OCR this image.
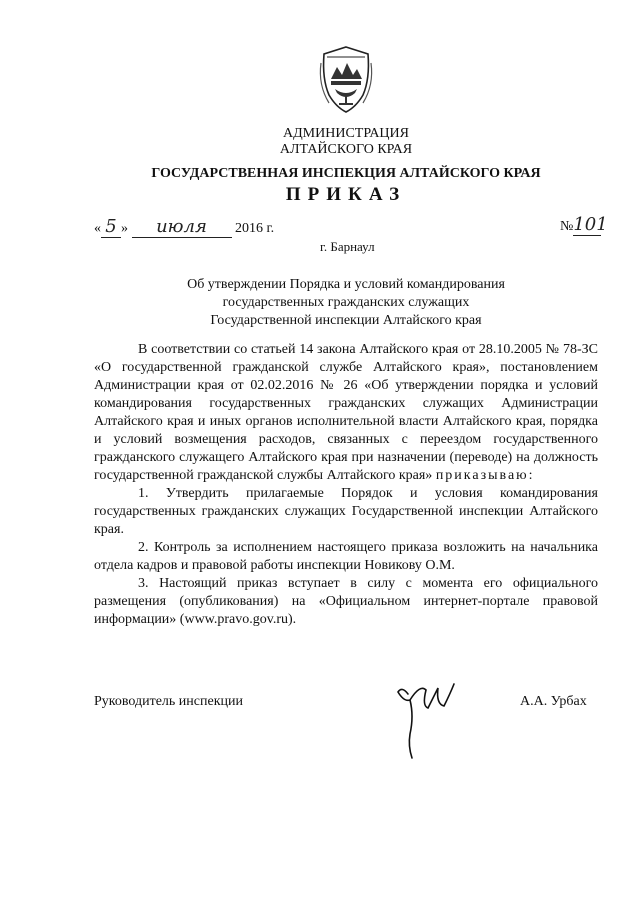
АДМИНИСТРАЦИЯ
АЛТАЙСКОГО КРАЯ
ГОСУДАРСТВЕННАЯ ИНСПЕКЦИЯ АЛТАЙСКОГО КРАЯ
ПРИКАЗ
« 5 » июля 2016 г.	№101
г. Барнаул
Об утверждении Порядка и условий командирования
государственных гражданских служащих
Государственной инспекции Алтайского края

В соответствии со статьей 14 закона Алтайского края от 28.10.2005 № 78-ЗС «О государственной гражданской службе Алтайского края», постановлением Администрации края от 02.02.2016 № 26 «Об утверждении порядка и условий командирования государственных гражданских служащих Администрации Алтайского края и иных органов исполнительной власти Алтайского края, порядка и условий возмещения расходов, связанных с переездом государственного гражданского служащего Алтайского края при назначении (переводе) на должность государственной гражданской службы Алтайского края» приказываю:

1. Утвердить прилагаемые Порядок и условия командирования государственных гражданских служащих Государственной инспекции Алтайского края.

2. Контроль за исполнением настоящего приказа возложить на начальника отдела кадров и правовой работы инспекции Новикову О.М.

3. Настоящий приказ вступает в силу с момента его официального размещения (опубликования) на «Официальном интернет-портале правовой информации» (www.pravo.gov.ru).

Руководитель инспекции	А.А. Урбах
